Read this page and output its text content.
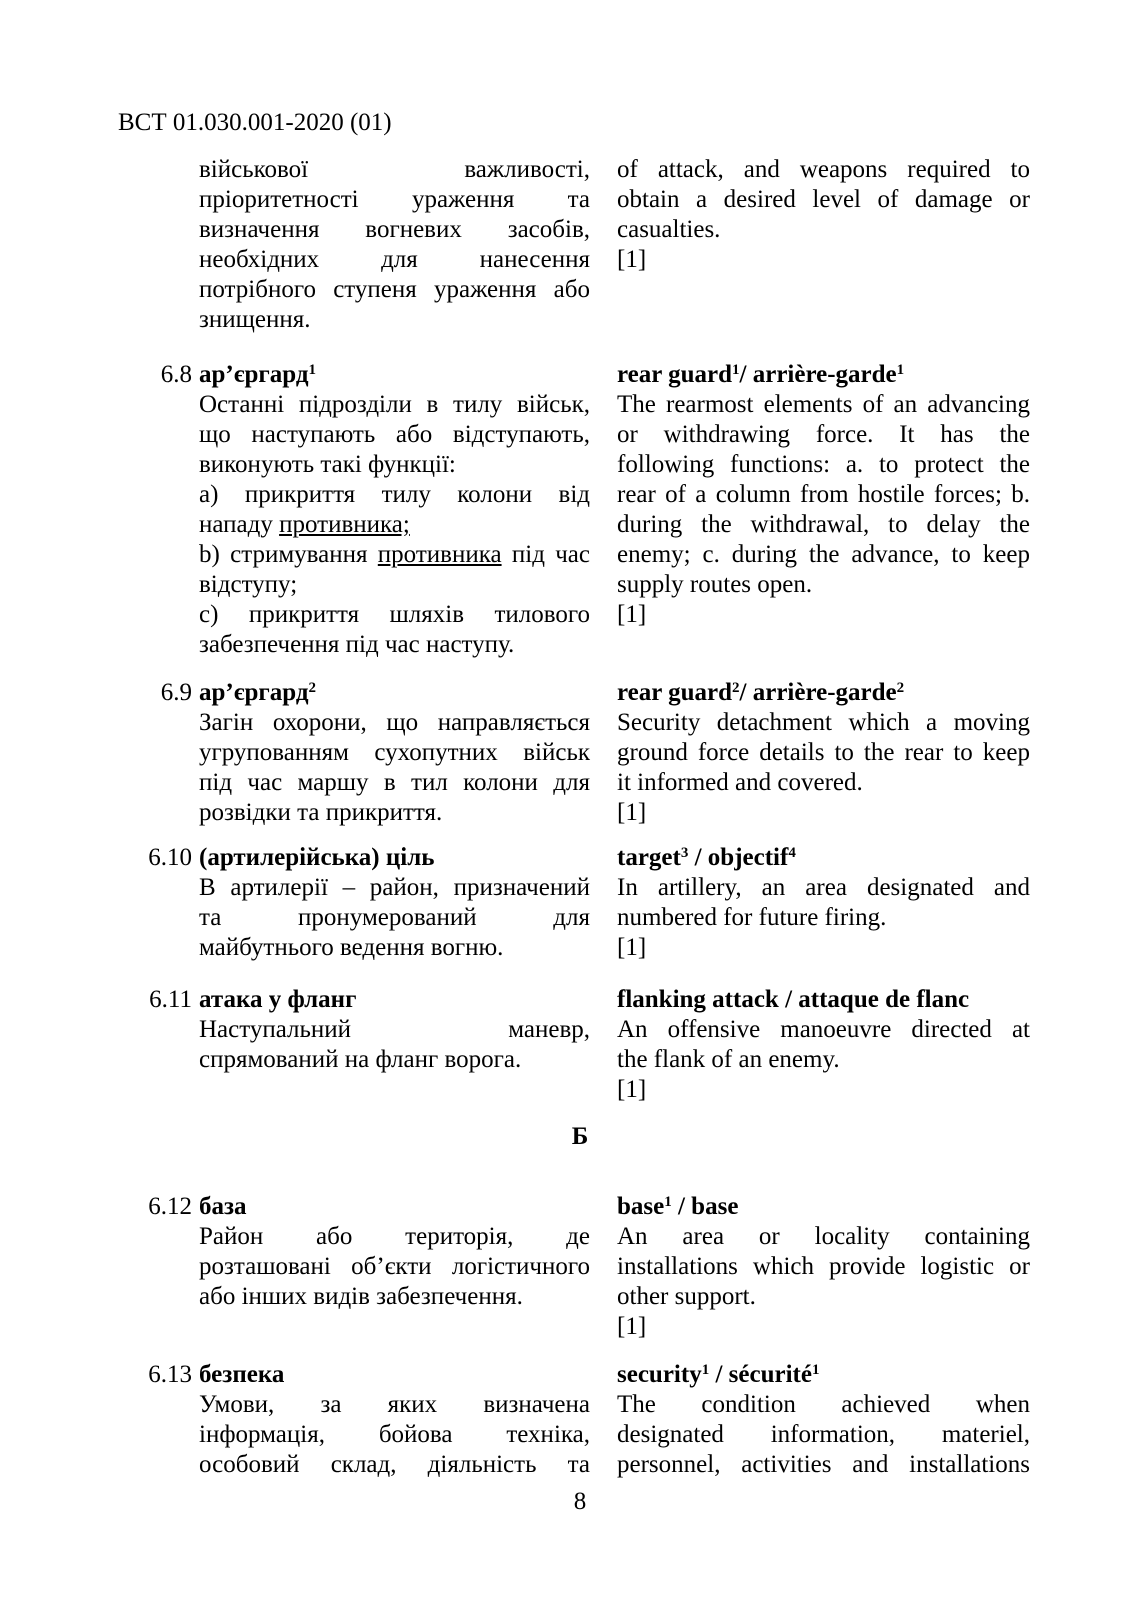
ВСТ 01.030.001-2020 (01)
військової важливості,
пріоритетності ураження та
визначення вогневих засобів,
необхідних для нанесення
потрібного ступеня ураження або
знищення.
of attack, and weapons required to
obtain a desired level of damage or
casualties.
[1]
6.8 ар’єргард$^1$
Останні підрозділи в тилу військ,
що наступають або відступають,
виконують такі функції:
a) прикриття тилу колони від
нападу противника;
b) стримування противника під час
відступу;
c) прикриття шляхів тилового
забезпечення під час наступу.
rear guard$^1$/ arrière-garde$^1$
The rearmost elements of an advancing
or withdrawing force. It has the
following functions: a. to protect the
rear of a column from hostile forces; b.
during the withdrawal, to delay the
enemy; c. during the advance, to keep
supply routes open.
[1]
6.9 ар’єргард$^2$
Загін охорони, що направляється
угрупованням сухопутних військ
під час маршу в тил колони для
розвідки та прикриття.
rear guard$^2$/ arrière-garde$^2$
Security detachment which a moving
ground force details to the rear to keep
it informed and covered.
[1]
6.10 (артилерійська) ціль
В артилерії – район, призначений
та пронумерований для
майбутнього ведення вогню.
target$^3$ / objectif$^4$
In artillery, an area designated and
numbered for future firing.
[1]
6.11 атака у фланг
Наступальний маневр,
спрямований на фланг ворога.
flanking attack / attaque de flanc
An offensive manoeuvre directed at
the flank of an enemy.
[1]
Б
6.12 база
Район або територія, де
розташовані об’єкти логістичного
або інших видів забезпечення.
base$^1$ / base
An area or locality containing
installations which provide logistic or
other support.
[1]
6.13 безпека
Умови, за яких визначена
інформація, бойова техніка,
особовий склад, діяльність та
security$^1$ / sécurité$^1$
The condition achieved when
designated information, materiel,
personnel, activities and installations
8
